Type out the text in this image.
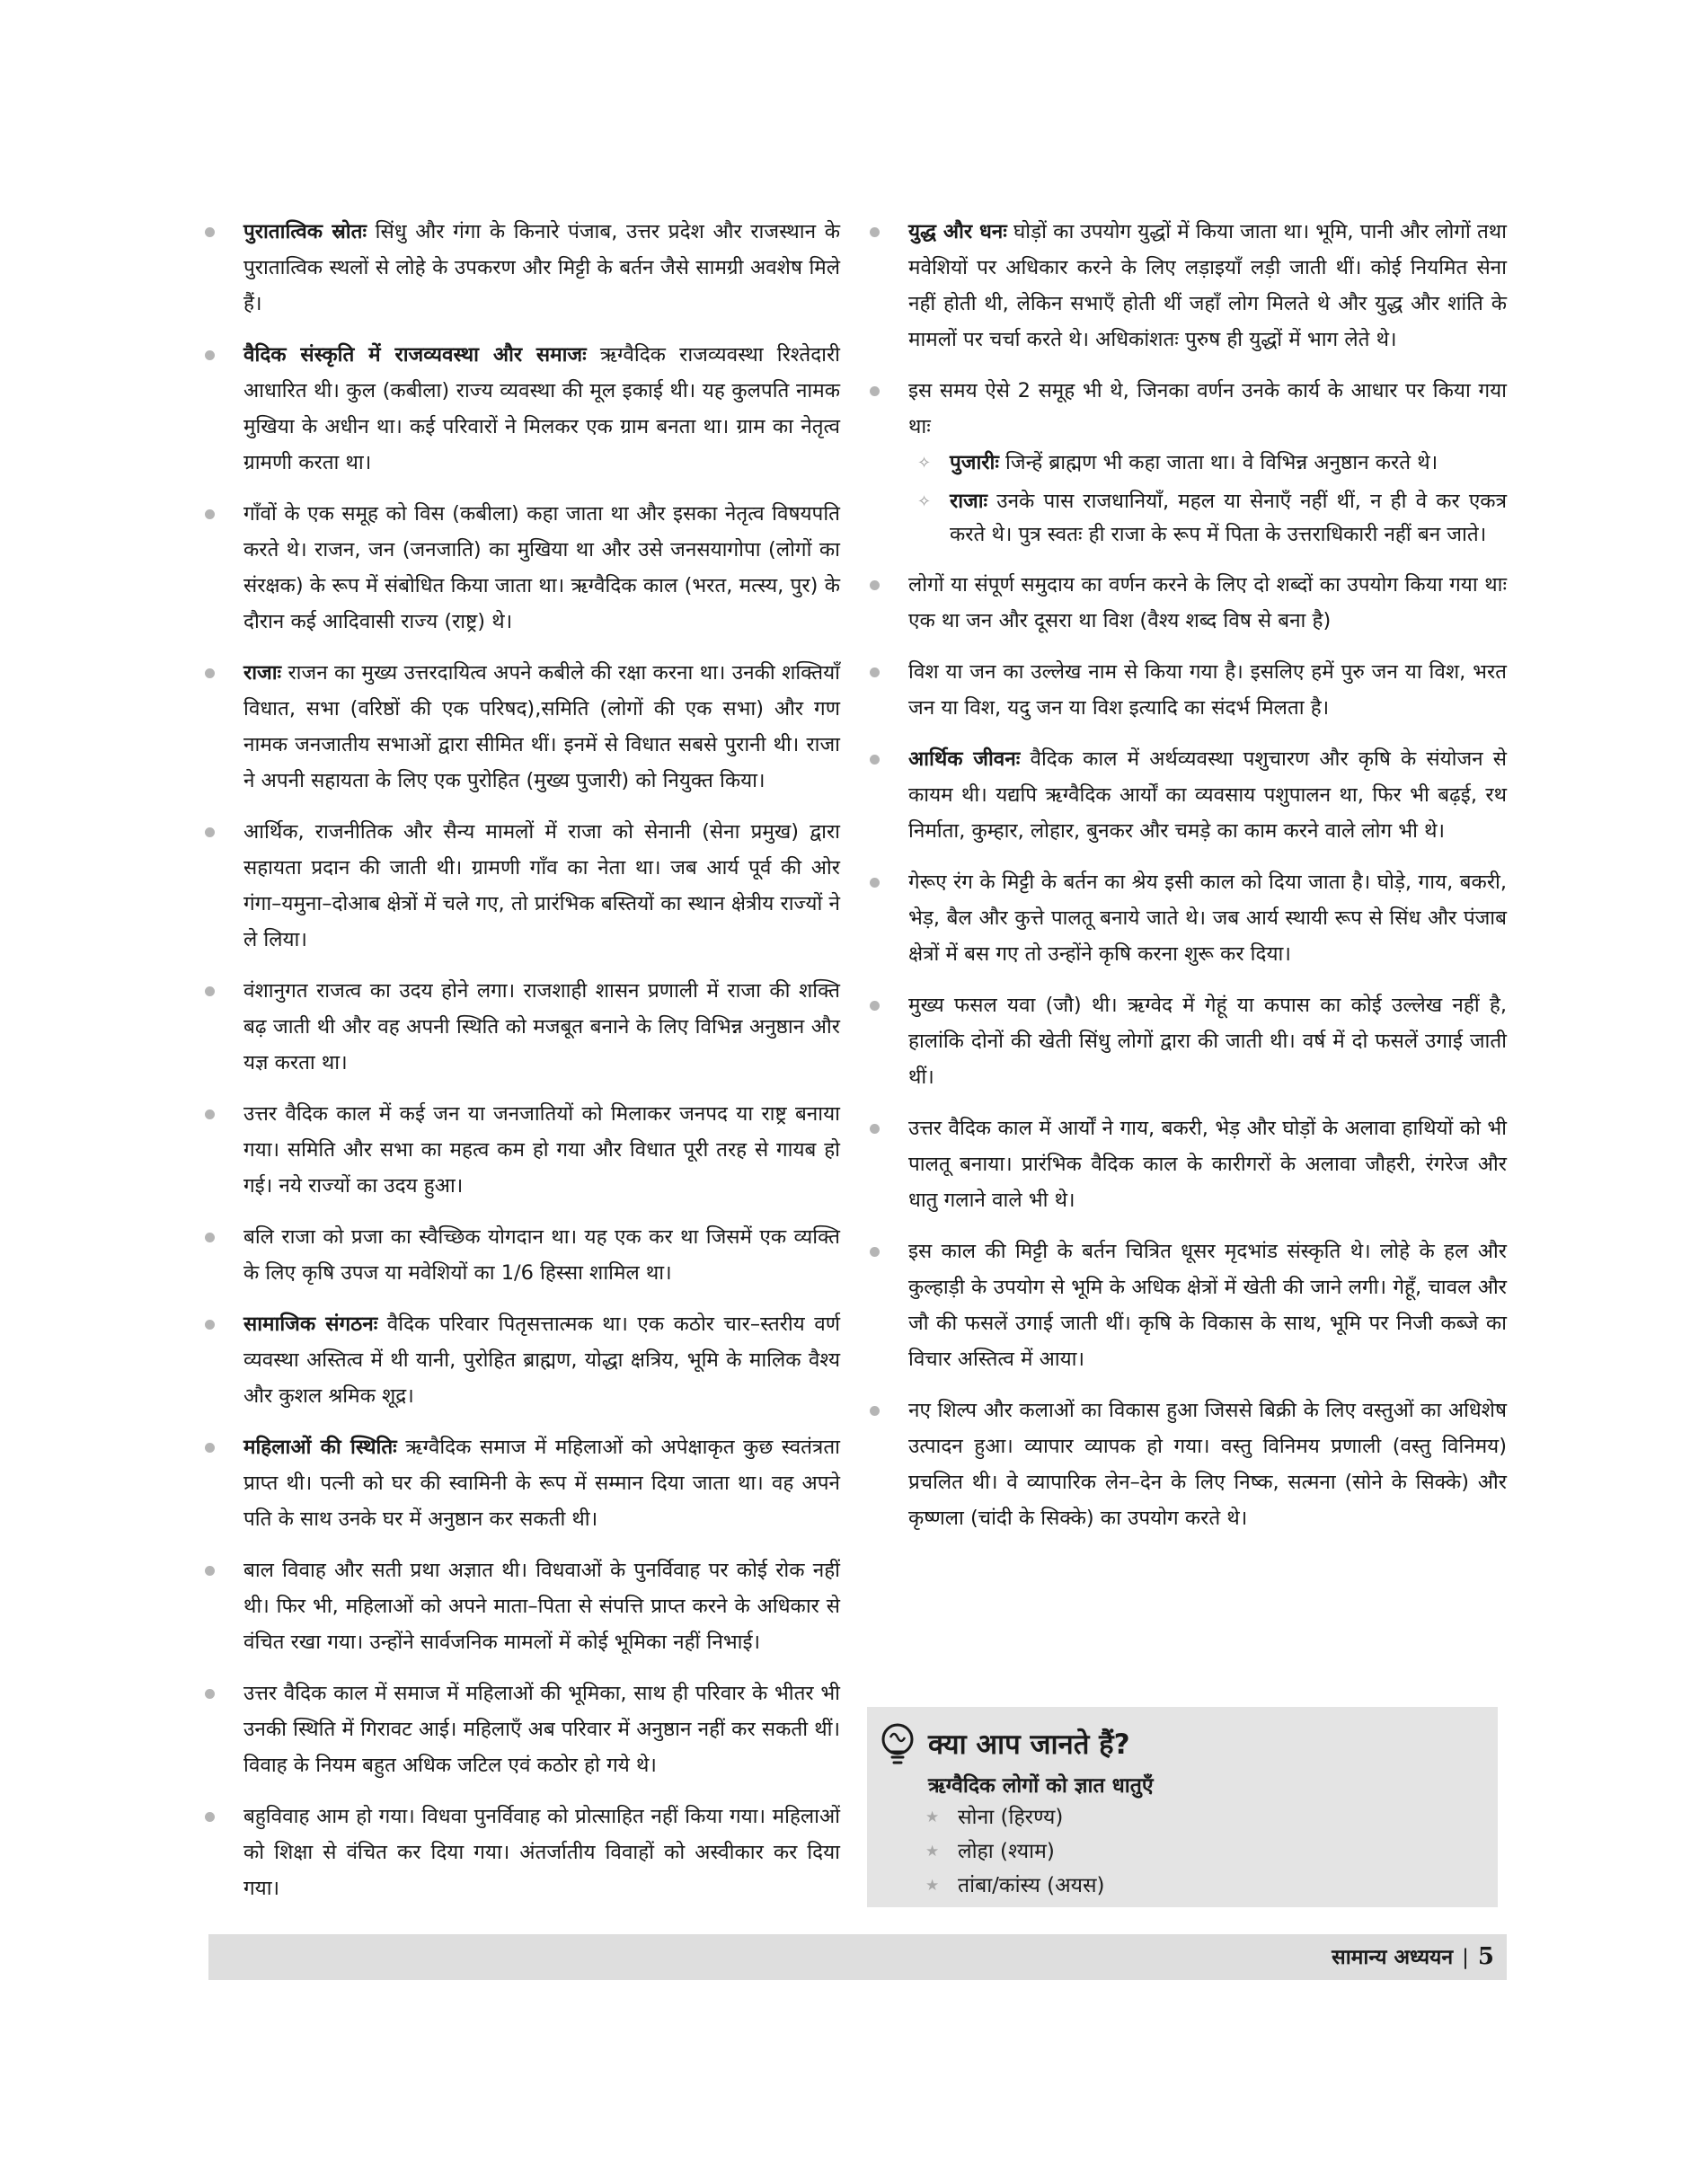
पुरातात्विक स्रोतः सिंधु और गंगा के किनारे पंजाब, उत्तर प्रदेश और राजस्थान के पुरातात्विक स्थलों से लोहे के उपकरण और मिट्टी के बर्तन जैसे सामग्री अवशेष मिले हैं।
वैदिक संस्कृति में राजव्यवस्था और समाजः ऋग्वैदिक राजव्यवस्था रिश्तेदारी आधारित थी। कुल (कबीला) राज्य व्यवस्था की मूल इकाई थी। यह कुलपति नामक मुखिया के अधीन था। कई परिवारों ने मिलकर एक ग्राम बनता था। ग्राम का नेतृत्व ग्रामणी करता था।
गाँवों के एक समूह को विस (कबीला) कहा जाता था और इसका नेतृत्व विषयपति करते थे। राजन, जन (जनजाति) का मुखिया था और उसे जनसयागोपा (लोगों का संरक्षक) के रूप में संबोधित किया जाता था। ऋग्वैदिक काल (भरत, मत्स्य, पुर) के दौरान कई आदिवासी राज्य (राष्ट्र) थे।
राजाः राजन का मुख्य उत्तरदायित्व अपने कबीले की रक्षा करना था। उनकी शक्तियाँ विधात, सभा (वरिष्ठों की एक परिषद),समिति (लोगों की एक सभा) और गण नामक जनजातीय सभाओं द्वारा सीमित थीं। इनमें से विधात सबसे पुरानी थी। राजा ने अपनी सहायता के लिए एक पुरोहित (मुख्य पुजारी) को नियुक्त किया।
आर्थिक, राजनीतिक और सैन्य मामलों में राजा को सेनानी (सेना प्रमुख) द्वारा सहायता प्रदान की जाती थी। ग्रामणी गाँव का नेता था। जब आर्य पूर्व की ओर गंगा–यमुना–दोआब क्षेत्रों में चले गए, तो प्रारंभिक बस्तियों का स्थान क्षेत्रीय राज्यों ने ले लिया।
वंशानुगत राजत्व का उदय होने लगा। राजशाही शासन प्रणाली में राजा की शक्ति बढ़ जाती थी और वह अपनी स्थिति को मजबूत बनाने के लिए विभिन्न अनुष्ठान और यज्ञ करता था।
उत्तर वैदिक काल में कई जन या जनजातियों को मिलाकर जनपद या राष्ट्र बनाया गया। समिति और सभा का महत्व कम हो गया और विधात पूरी तरह से गायब हो गई। नये राज्यों का उदय हुआ।
बलि राजा को प्रजा का स्वैच्छिक योगदान था। यह एक कर था जिसमें एक व्यक्ति के लिए कृषि उपज या मवेशियों का 1/6 हिस्सा शामिल था।
सामाजिक संगठनः वैदिक परिवार पितृसत्तात्मक था। एक कठोर चार–स्तरीय वर्ण व्यवस्था अस्तित्व में थी यानी, पुरोहित ब्राह्मण, योद्धा क्षत्रिय, भूमि के मालिक वैश्य और कुशल श्रमिक शूद्र।
महिलाओं की स्थितिः ऋग्वैदिक समाज में महिलाओं को अपेक्षाकृत कुछ स्वतंत्रता प्राप्त थी। पत्नी को घर की स्वामिनी के रूप में सम्मान दिया जाता था। वह अपने पति के साथ उनके घर में अनुष्ठान कर सकती थी।
बाल विवाह और सती प्रथा अज्ञात थी। विधवाओं के पुनर्विवाह पर कोई रोक नहीं थी। फिर भी, महिलाओं को अपने माता–पिता से संपत्ति प्राप्त करने के अधिकार से वंचित रखा गया। उन्होंने सार्वजनिक मामलों में कोई भूमिका नहीं निभाई।
उत्तर वैदिक काल में समाज में महिलाओं की भूमिका, साथ ही परिवार के भीतर भी उनकी स्थिति में गिरावट आई। महिलाएँ अब परिवार में अनुष्ठान नहीं कर सकती थीं। विवाह के नियम बहुत अधिक जटिल एवं कठोर हो गये थे।
बहुविवाह आम हो गया। विधवा पुनर्विवाह को प्रोत्साहित नहीं किया गया। महिलाओं को शिक्षा से वंचित कर दिया गया। अंतर्जातीय विवाहों को अस्वीकार कर दिया गया।
युद्ध और धनः घोड़ों का उपयोग युद्धों में किया जाता था। भूमि, पानी और लोगों तथा मवेशियों पर अधिकार करने के लिए लड़ाइयाँ लड़ी जाती थीं। कोई नियमित सेना नहीं होती थी, लेकिन सभाएँ होती थीं जहाँ लोग मिलते थे और युद्ध और शांति के मामलों पर चर्चा करते थे। अधिकांशतः पुरुष ही युद्धों में भाग लेते थे।
इस समय ऐसे 2 समूह भी थे, जिनका वर्णन उनके कार्य के आधार पर किया गया थाः
✧ पुजारीः जिन्हें ब्राह्मण भी कहा जाता था। वे विभिन्न अनुष्ठान करते थे।
✧ राजाः उनके पास राजधानियाँ, महल या सेनाएँ नहीं थीं, न ही वे कर एकत्र करते थे। पुत्र स्वतः ही राजा के रूप में पिता के उत्तराधिकारी नहीं बन जाते।
लोगों या संपूर्ण समुदाय का वर्णन करने के लिए दो शब्दों का उपयोग किया गया थाः एक था जन और दूसरा था विश (वैश्य शब्द विष से बना है)
विश या जन का उल्लेख नाम से किया गया है। इसलिए हमें पुरु जन या विश, भरत जन या विश, यदु जन या विश इत्यादि का संदर्भ मिलता है।
आर्थिक जीवनः वैदिक काल में अर्थव्यवस्था पशुचारण और कृषि के संयोजन से कायम थी। यद्यपि ऋग्वैदिक आर्यों का व्यवसाय पशुपालन था, फिर भी बढ़ई, रथ निर्माता, कुम्हार, लोहार, बुनकर और चमड़े का काम करने वाले लोग भी थे।
गेरूए रंग के मिट्टी के बर्तन का श्रेय इसी काल को दिया जाता है। घोड़े, गाय, बकरी, भेड़, बैल और कुत्ते पालतू बनाये जाते थे। जब आर्य स्थायी रूप से सिंध और पंजाब क्षेत्रों में बस गए तो उन्होंने कृषि करना शुरू कर दिया।
मुख्य फसल यवा (जौ) थी। ऋग्वेद में गेहूं या कपास का कोई उल्लेख नहीं है, हालांकि दोनों की खेती सिंधु लोगों द्वारा की जाती थी। वर्ष में दो फसलें उगाई जाती थीं।
उत्तर वैदिक काल में आर्यों ने गाय, बकरी, भेड़ और घोड़ों के अलावा हाथियों को भी पालतू बनाया। प्रारंभिक वैदिक काल के कारीगरों के अलावा जौहरी, रंगरेज और धातु गलाने वाले भी थे।
इस काल की मिट्टी के बर्तन चित्रित धूसर मृदभांड संस्कृति थे। लोहे के हल और कुल्हाड़ी के उपयोग से भूमि के अधिक क्षेत्रों में खेती की जाने लगी। गेहूँ, चावल और जौ की फसलें उगाई जाती थीं। कृषि के विकास के साथ, भूमि पर निजी कब्जे का विचार अस्तित्व में आया।
नए शिल्प और कलाओं का विकास हुआ जिससे बिक्री के लिए वस्तुओं का अधिशेष उत्पादन हुआ। व्यापार व्यापक हो गया। वस्तु विनिमय प्रणाली (वस्तु विनिमय) प्रचलित थी। वे व्यापारिक लेन–देन के लिए निष्क, सत्मना (सोने के सिक्के) और कृष्णला (चांदी के सिक्के) का उपयोग करते थे।
क्या आप जानते हैं?
ऋग्वैदिक लोगों को ज्ञात धातुएँ
★ सोना (हिरण्य)
★ लोहा (श्याम)
★ तांबा/कांस्य (अयस)
सामान्य अध्ययन | 5
